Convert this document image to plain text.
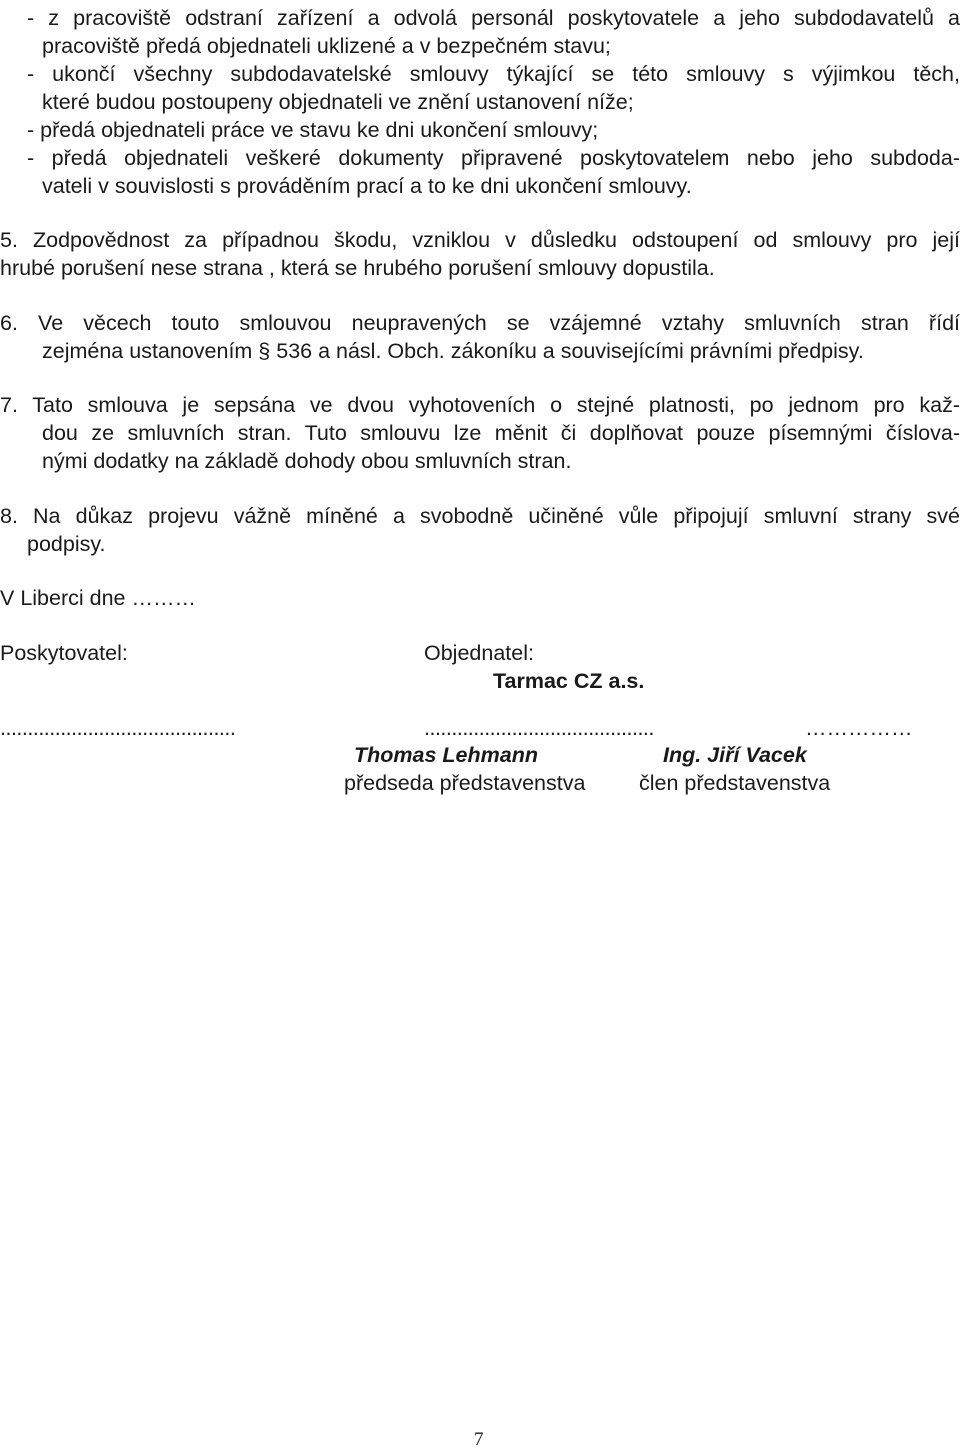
- z pracoviště odstraní zařízení a odvolá personál poskytovatele a jeho subdodavatelů a
pracoviště předá objednateli uklizené a v bezpečném stavu;
- ukončí všechny subdodavatelské smlouvy týkající se této smlouvy s výjimkou těch,
které budou postoupeny objednateli ve znění ustanovení níže;
- předá objednateli práce ve stavu ke dni ukončení smlouvy;
- předá objednateli veškeré dokumenty připravené poskytovatelem nebo jeho subdoda-
vateli v souvislosti s prováděním prací a to ke dni ukončení smlouvy.
5. Zodpovědnost za případnou škodu, vzniklou v důsledku odstoupení od smlouvy pro její
hrubé porušení nese strana , která se hrubého porušení smlouvy dopustila.
6. Ve věcech touto smlouvou neupravených se vzájemné vztahy smluvních stran řídí
zejména ustanovením § 536 a násl. Obch. zákoníku a souvisejícími právními předpisy.
7. Tato smlouva je sepsána ve dvou vyhotoveních o stejné platnosti, po jednom pro kaž-
dou ze smluvních stran. Tuto smlouvu lze měnit či doplňovat pouze písemnými číslova-
nými dodatky na základě dohody obou smluvních stran.
8. Na důkaz projevu vážně míněné a svobodně učiněné vůle připojují smluvní strany své
podpisy.
V Liberci dne ………
Poskytovatel:	Objednatel:
Tarmac CZ a.s.
...........................................	..........................................	……………
Thomas Lehmann	Ing. Jiří Vacek
předseda představenstva člen představenstva
7
